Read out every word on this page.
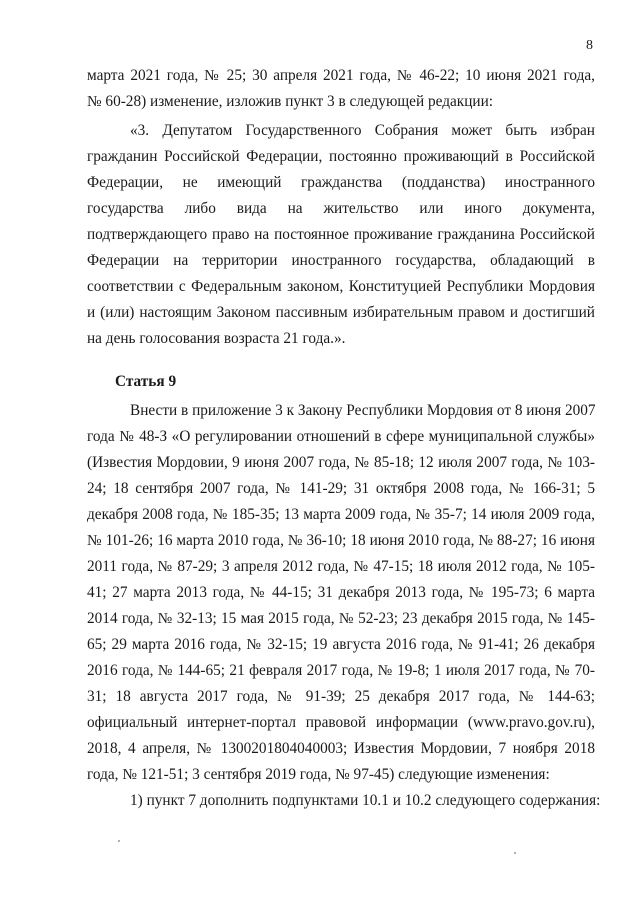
8
марта 2021 года, № 25; 30 апреля 2021 года, № 46-22; 10 июня 2021 года,
№ 60-28) изменение, изложив пункт 3 в следующей редакции:
«3. Депутатом Государственного Собрания может быть избран
гражданин Российской Федерации, постоянно проживающий в Российской
Федерации, не имеющий гражданства (подданства) иностранного
государства либо вида на жительство или иного документа,
подтверждающего право на постоянное проживание гражданина Российской
Федерации на территории иностранного государства, обладающий в
соответствии с Федеральным законом, Конституцией Республики Мордовия
и (или) настоящим Законом пассивным избирательным правом и достигший
на день голосования возраста 21 года.».
Статья 9
Внести в приложение 3 к Закону Республики Мордовия от 8 июня 2007
года № 48-З «О регулировании отношений в сфере муниципальной службы»
(Известия Мордовии, 9 июня 2007 года, № 85-18; 12 июля 2007 года, № 103-
24; 18 сентября 2007 года, № 141-29; 31 октября 2008 года, № 166-31; 5
декабря 2008 года, № 185-35; 13 марта 2009 года, № 35-7; 14 июля 2009 года,
№ 101-26; 16 марта 2010 года, № 36-10; 18 июня 2010 года, № 88-27; 16 июня
2011 года, № 87-29; 3 апреля 2012 года, № 47-15; 18 июля 2012 года, № 105-
41; 27 марта 2013 года, № 44-15; 31 декабря 2013 года, № 195-73; 6 марта
2014 года, № 32-13; 15 мая 2015 года, № 52-23; 23 декабря 2015 года, № 145-
65; 29 марта 2016 года, № 32-15; 19 августа 2016 года, № 91-41; 26 декабря
2016 года, № 144-65; 21 февраля 2017 года, № 19-8; 1 июля 2017 года, № 70-
31; 18 августа 2017 года, № 91-39; 25 декабря 2017 года, № 144-63;
официальный интернет-портал правовой информации (www.pravo.gov.ru),
2018, 4 апреля, № 1300201804040003; Известия Мордовии, 7 ноября 2018
года, № 121-51; 3 сентября 2019 года, № 97-45) следующие изменения:
1) пункт 7 дополнить подпунктами 10.1 и 10.2 следующего содержания:
